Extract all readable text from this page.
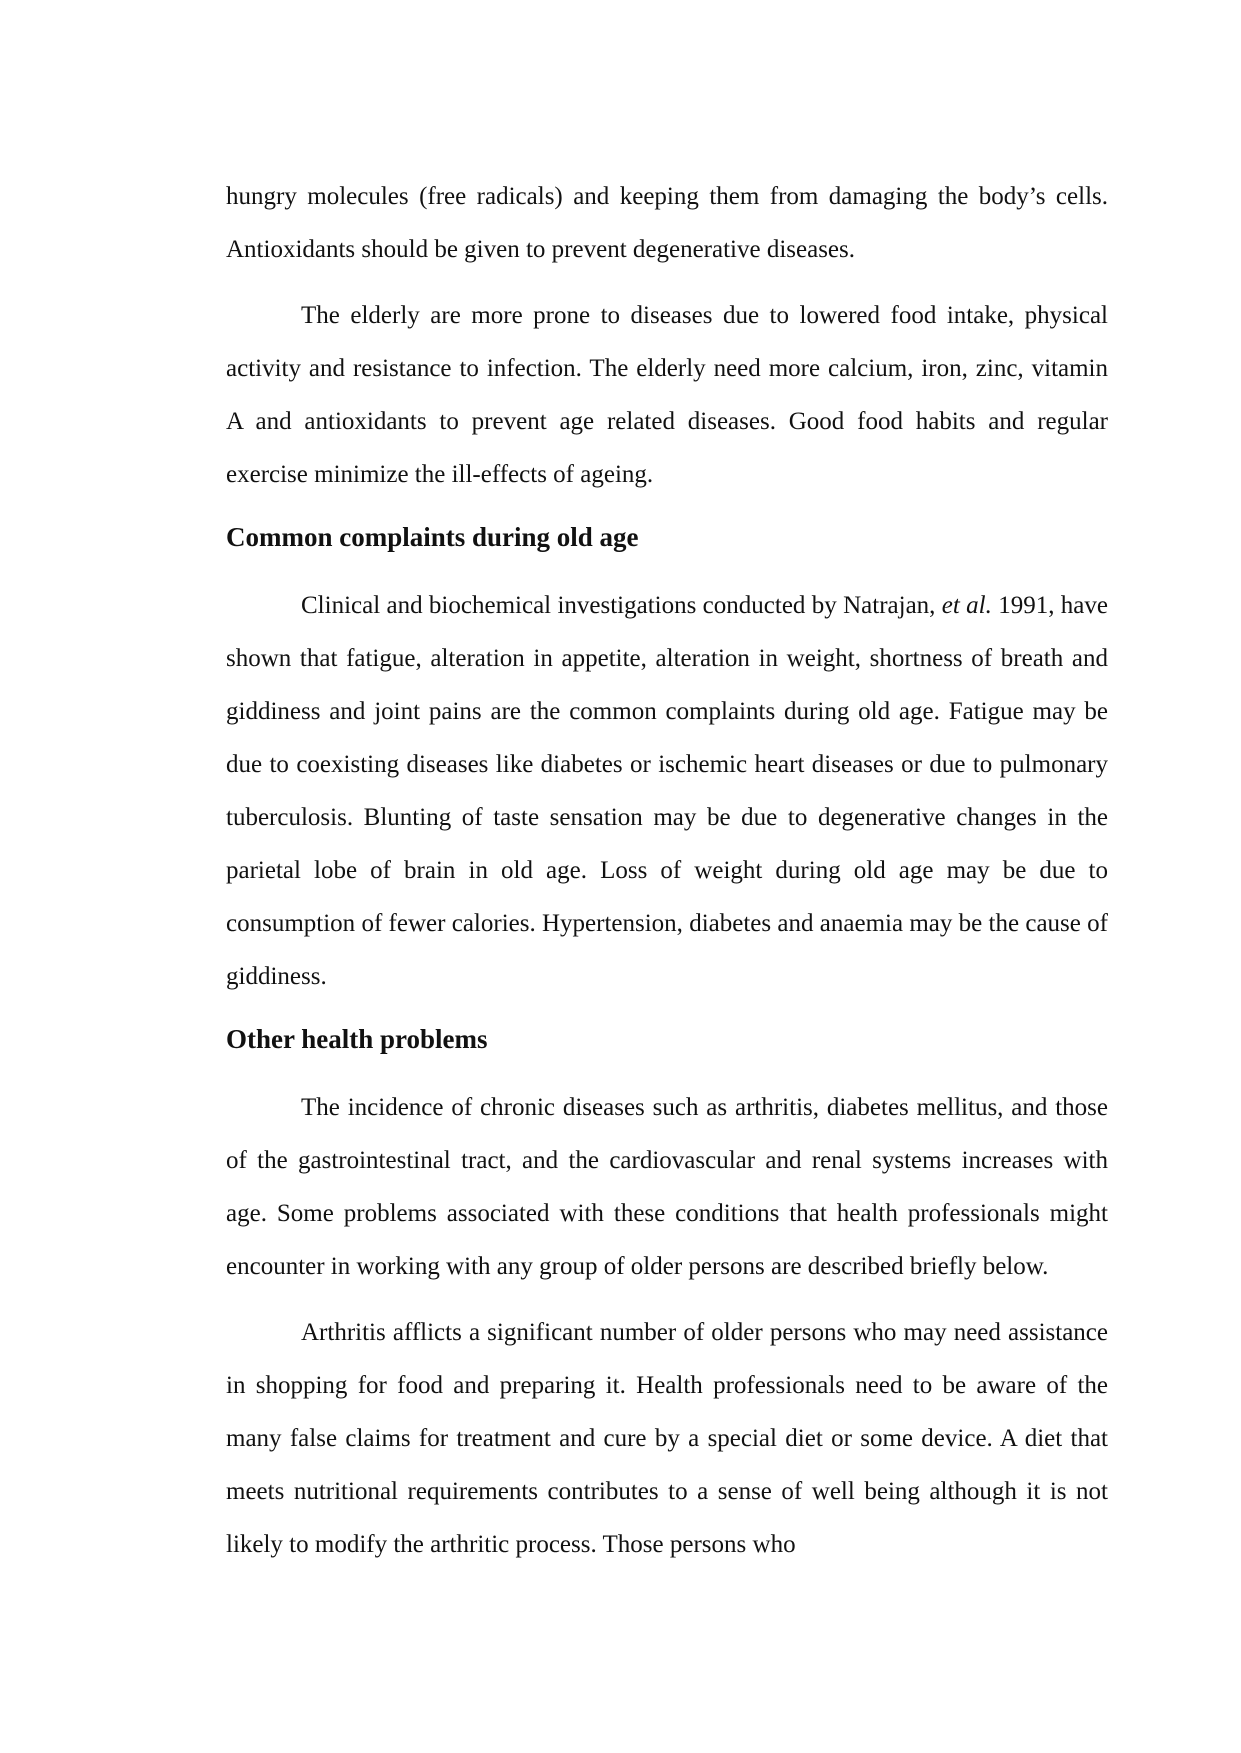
hungry molecules (free radicals) and keeping them from damaging the body’s cells. Antioxidants should be given to prevent degenerative diseases.

The elderly are more prone to diseases due to lowered food intake, physical activity and resistance to infection. The elderly need more calcium, iron, zinc, vitamin A and antioxidants to prevent age related diseases. Good food habits and regular exercise minimize the ill-effects of ageing.

Common complaints during old age

Clinical and biochemical investigations conducted by Natrajan, et al. 1991, have shown that fatigue, alteration in appetite, alteration in weight, shortness of breath and giddiness and joint pains are the common complaints during old age. Fatigue may be due to coexisting diseases like diabetes or ischemic heart diseases or due to pulmonary tuberculosis. Blunting of taste sensation may be due to degenerative changes in the parietal lobe of brain in old age. Loss of weight during old age may be due to consumption of fewer calories. Hypertension, diabetes and anaemia may be the cause of giddiness.

Other health problems

The incidence of chronic diseases such as arthritis, diabetes mellitus, and those of the gastrointestinal tract, and the cardiovascular and renal systems increases with age. Some problems associated with these conditions that health professionals might encounter in working with any group of older persons are described briefly below.

Arthritis afflicts a significant number of older persons who may need assistance in shopping for food and preparing it. Health professionals need to be aware of the many false claims for treatment and cure by a special diet or some device. A diet that meets nutritional requirements contributes to a sense of well being although it is not likely to modify the arthritic process. Those persons who
